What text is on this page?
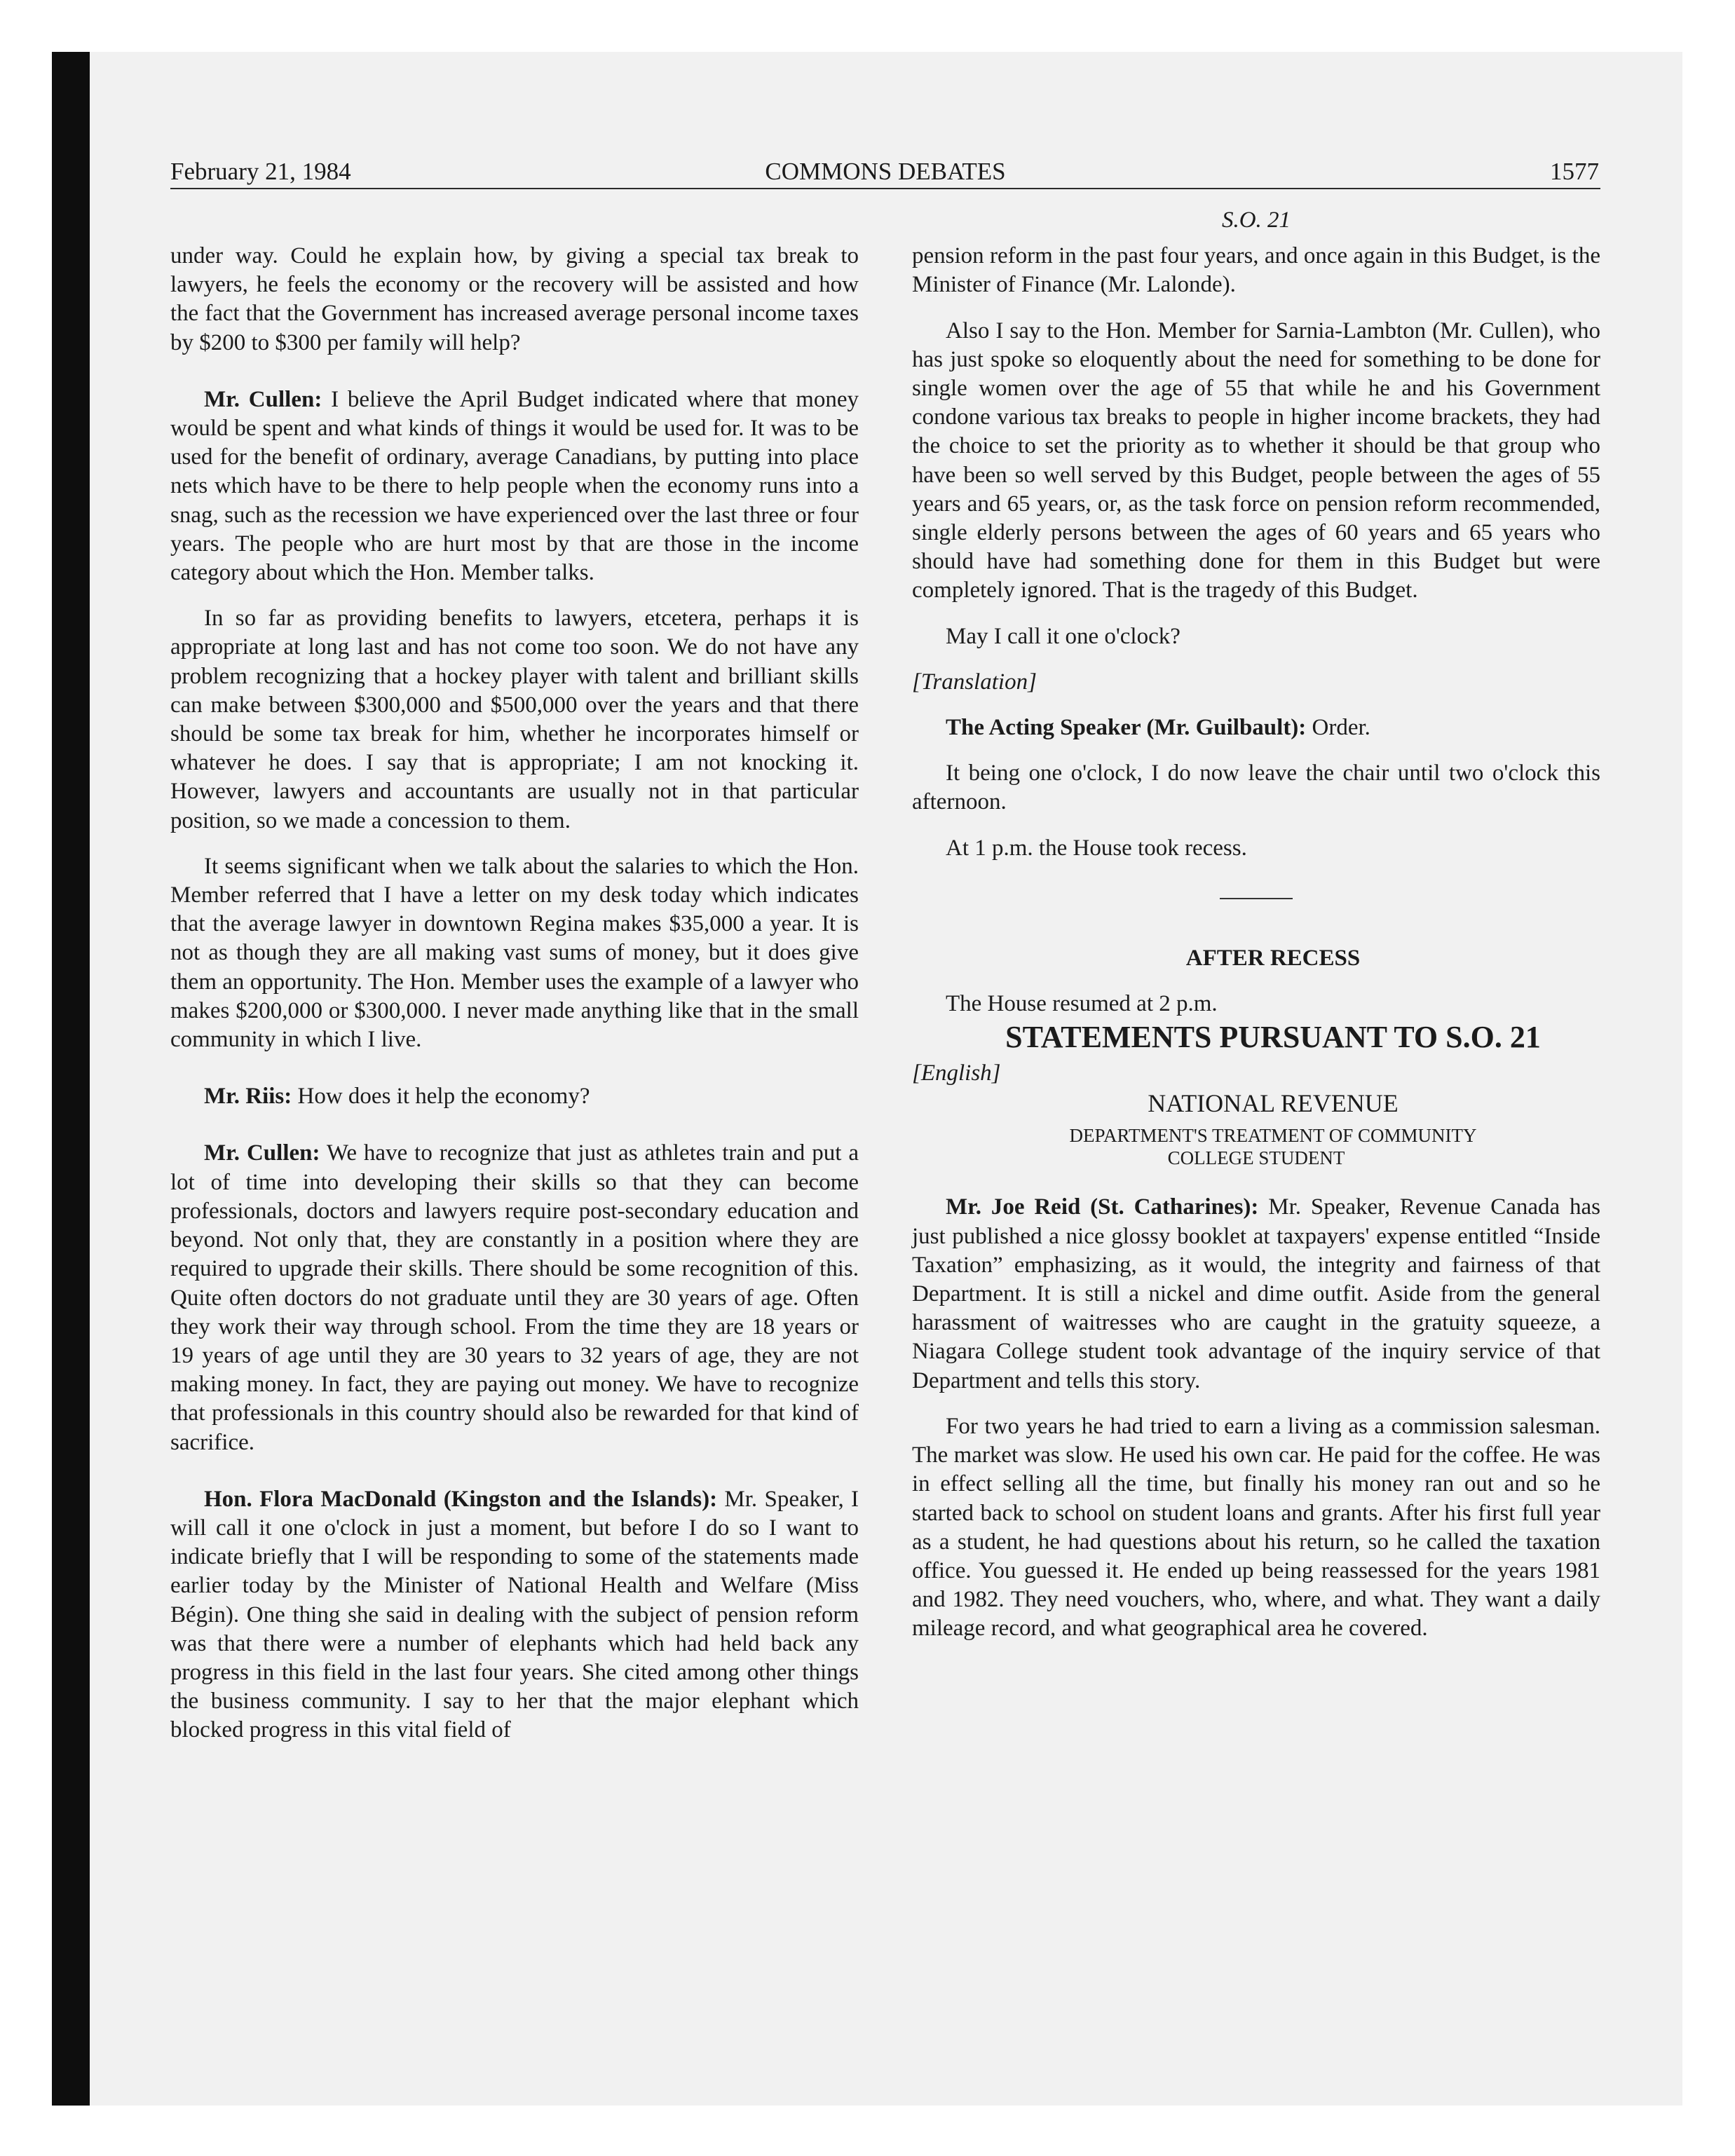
February 21, 1984	COMMONS DEBATES	1577

under way. Could he explain how, by giving a special tax break to lawyers, he feels the economy or the recovery will be assisted and how the fact that the Government has increased average personal income taxes by $200 to $300 per family will help?

Mr. Cullen: I believe the April Budget indicated where that money would be spent and what kinds of things it would be used for. It was to be used for the benefit of ordinary, average Canadians, by putting into place nets which have to be there to help people when the economy runs into a snag, such as the recession we have experienced over the last three or four years. The people who are hurt most by that are those in the income category about which the Hon. Member talks.

In so far as providing benefits to lawyers, etcetera, perhaps it is appropriate at long last and has not come too soon. We do not have any problem recognizing that a hockey player with talent and brilliant skills can make between $300,000 and $500,000 over the years and that there should be some tax break for him, whether he incorporates himself or whatever he does. I say that is appropriate; I am not knocking it. However, lawyers and accountants are usually not in that particular position, so we made a concession to them.

It seems significant when we talk about the salaries to which the Hon. Member referred that I have a letter on my desk today which indicates that the average lawyer in downtown Regina makes $35,000 a year. It is not as though they are all making vast sums of money, but it does give them an opportunity. The Hon. Member uses the example of a lawyer who makes $200,000 or $300,000. I never made anything like that in the small community in which I live.

Mr. Riis: How does it help the economy?

Mr. Cullen: We have to recognize that just as athletes train and put a lot of time into developing their skills so that they can become professionals, doctors and lawyers require post-secondary education and beyond. Not only that, they are constantly in a position where they are required to upgrade their skills. There should be some recognition of this. Quite often doctors do not graduate until they are 30 years of age. Often they work their way through school. From the time they are 18 years or 19 years of age until they are 30 years to 32 years of age, they are not making money. In fact, they are paying out money. We have to recognize that professionals in this country should also be rewarded for that kind of sacrifice.

Hon. Flora MacDonald (Kingston and the Islands): Mr. Speaker, I will call it one o'clock in just a moment, but before I do so I want to indicate briefly that I will be responding to some of the statements made earlier today by the Minister of National Health and Welfare (Miss Bégin). One thing she said in dealing with the subject of pension reform was that there were a number of elephants which had held back any progress in this field in the last four years. She cited among other things the business community. I say to her that the major elephant which blocked progress in this vital field of

S.O. 21

pension reform in the past four years, and once again in this Budget, is the Minister of Finance (Mr. Lalonde).

Also I say to the Hon. Member for Sarnia-Lambton (Mr. Cullen), who has just spoke so eloquently about the need for something to be done for single women over the age of 55 that while he and his Government condone various tax breaks to people in higher income brackets, they had the choice to set the priority as to whether it should be that group who have been so well served by this Budget, people between the ages of 55 years and 65 years, or, as the task force on pension reform recommended, single elderly persons between the ages of 60 years and 65 years who should have had something done for them in this Budget but were completely ignored. That is the tragedy of this Budget.

May I call it one o'clock?

[Translation]

The Acting Speaker (Mr. Guilbault): Order.

It being one o'clock, I do now leave the chair until two o'clock this afternoon.

At 1 p.m. the House took recess.

AFTER RECESS

The House resumed at 2 p.m.

STATEMENTS PURSUANT TO S.O. 21

[English]

NATIONAL REVENUE

DEPARTMENT'S TREATMENT OF COMMUNITY COLLEGE STUDENT

Mr. Joe Reid (St. Catharines): Mr. Speaker, Revenue Canada has just published a nice glossy booklet at taxpayers' expense entitled “Inside Taxation” emphasizing, as it would, the integrity and fairness of that Department. It is still a nickel and dime outfit. Aside from the general harassment of waitresses who are caught in the gratuity squeeze, a Niagara College student took advantage of the inquiry service of that Department and tells this story.

For two years he had tried to earn a living as a commission salesman. The market was slow. He used his own car. He paid for the coffee. He was in effect selling all the time, but finally his money ran out and so he started back to school on student loans and grants. After his first full year as a student, he had questions about his return, so he called the taxation office. You guessed it. He ended up being reassessed for the years 1981 and 1982. They need vouchers, who, where, and what. They want a daily mileage record, and what geographical area he covered.
